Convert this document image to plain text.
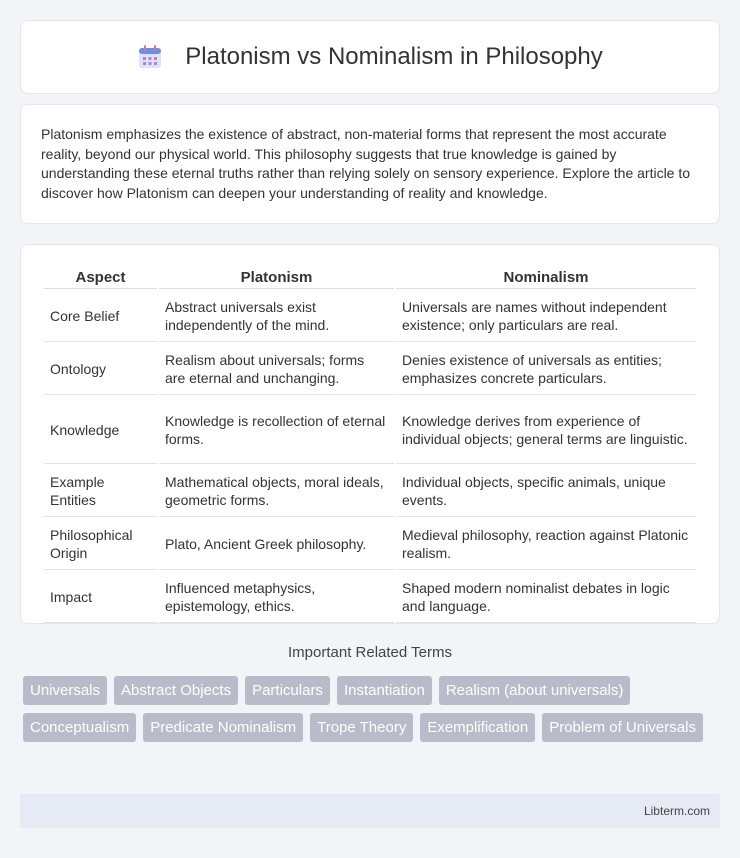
Platonism vs Nominalism in Philosophy

Platonism emphasizes the existence of abstract, non-material forms that represent the most accurate reality, beyond our physical world. This philosophy suggests that true knowledge is gained by understanding these eternal truths rather than relying solely on sensory experience. Explore the article to discover how Platonism can deepen your understanding of reality and knowledge.

Aspect	Platonism	Nominalism
Core Belief	Abstract universals exist independently of the mind.	Universals are names without independent existence; only particulars are real.
Ontology	Realism about universals; forms are eternal and unchanging.	Denies existence of universals as entities; emphasizes concrete particulars.
Knowledge	Knowledge is recollection of eternal forms.	Knowledge derives from experience of individual objects; general terms are linguistic.
Example Entities	Mathematical objects, moral ideals, geometric forms.	Individual objects, specific animals, unique events.
Philosophical Origin	Plato, Ancient Greek philosophy.	Medieval philosophy, reaction against Platonic realism.
Impact	Influenced metaphysics, epistemology, ethics.	Shaped modern nominalist debates in logic and language.
Important Related Terms
Universals	Abstract Objects	Particulars	Instantiation	Realism (about universals)
Conceptualism	Predicate Nominalism	Trope Theory	Exemplification	Problem of Universals
Libterm.com
